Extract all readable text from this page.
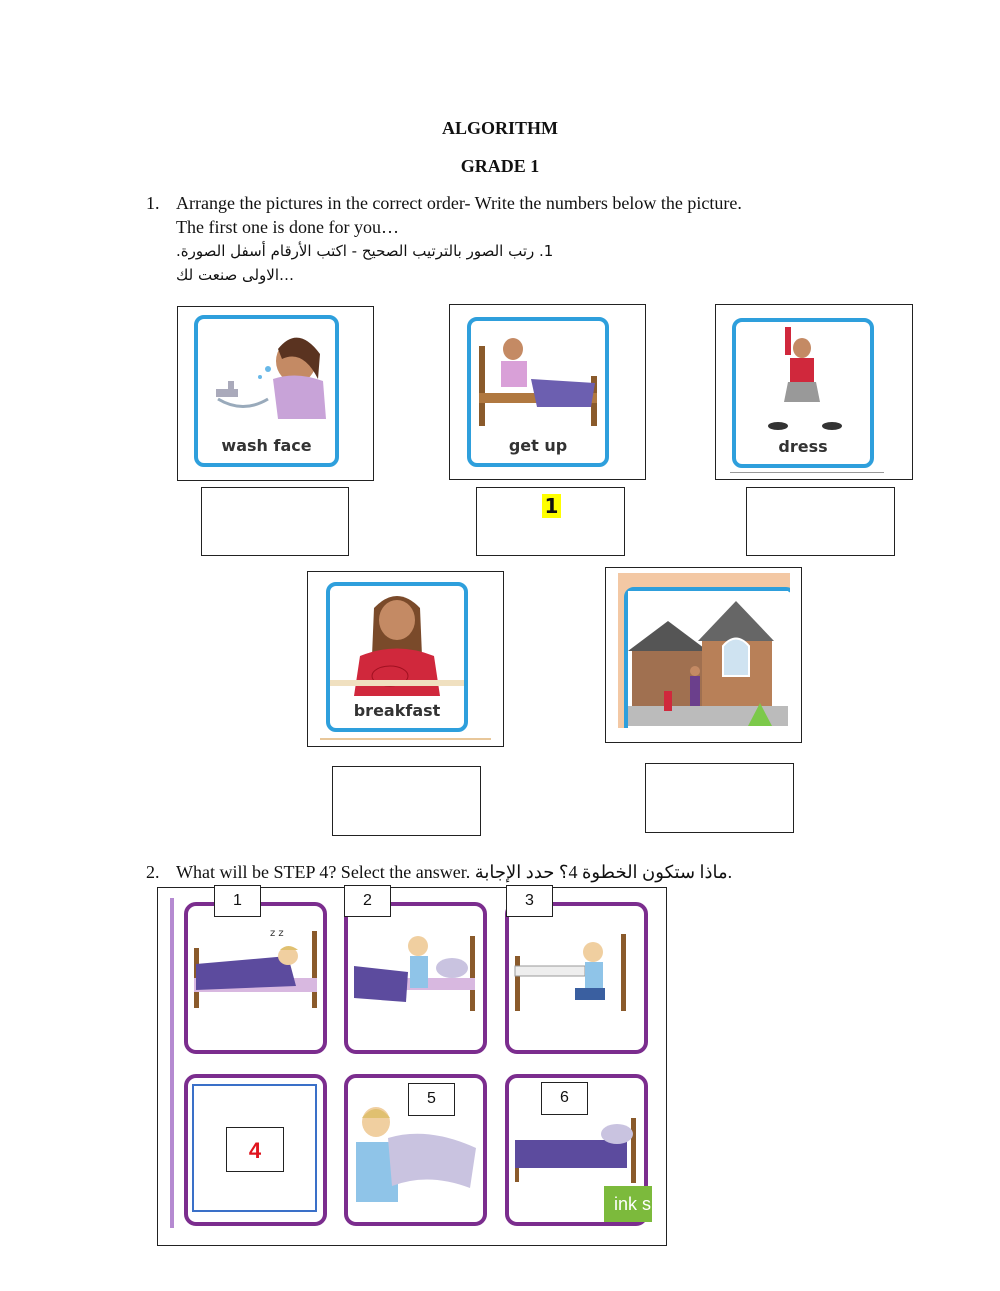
ALGORITHM
GRADE 1
1. Arrange the pictures in the correct order- Write the numbers below the picture.
The first one is done for you…
1. رتب الصور بالترتيب الصحيح - اكتب الأرقام أسفل الصورة.
الاولى صنعت لك…
wash face	get up
1
dress
breakfast
2. What will be STEP 4? Select the answer. ماذا ستكون الخطوة 4؟ حدد الإجابة.
z z
4
1	2	3
5	6
ink s
